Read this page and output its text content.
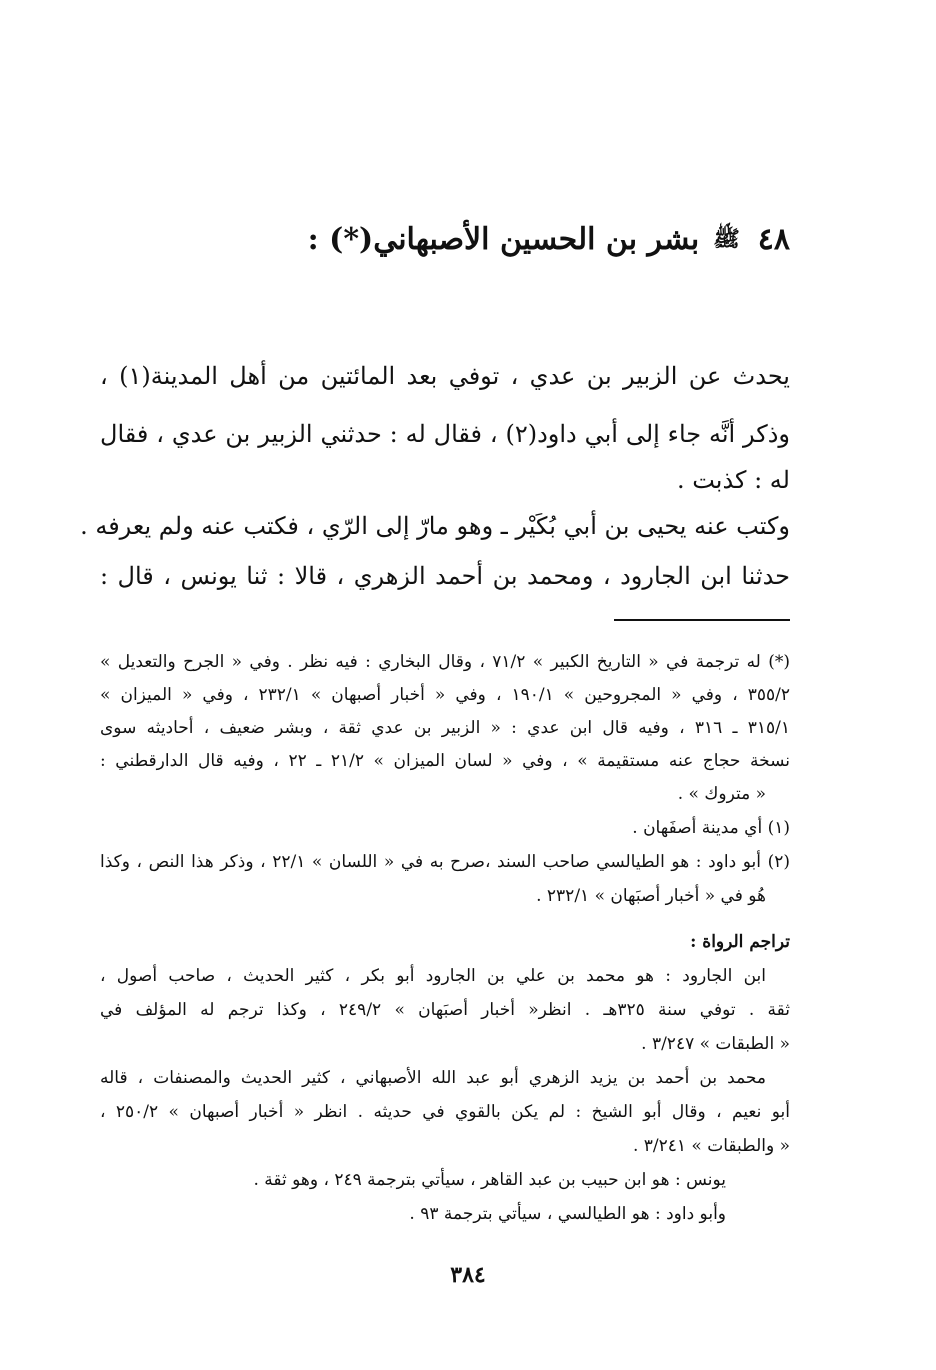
٤٨ﷺبشر بن الحسين الأصبهاني(*) :
يحدث عن الزبير بن عدي ، توفي بعد المائتين من أهل المدينة(١) ،
وذكر أنَّه جاء إلى أبي داود(٢) ، فقال له : حدثني الزبير بن عدي ، فقال
له : كذبت .
وكتب عنه يحيى بن أبي بُكَيْر ـ وهو مارّ إلى الرّي ، فكتب عنه ولم يعرفه .
حدثنا ابن الجارود ، ومحمد بن أحمد الزهري ، قالا : ثنا يونس ، قال :
(*) له ترجمة في « التاريخ الكبير » ٧١/٢ ، وقال البخاري : فيه نظر . وفي « الجرح والتعديل »
٣٥٥/٢ ، وفي « المجروحين » ١٩٠/١ ، وفي « أخبار أصبهان » ٢٣٢/١ ، وفي « الميزان »
٣١٥/١ ـ ٣١٦ ، وفيه قال ابن عدي : « الزبير بن عدي ثقة ، وبشر ضعيف ، أحاديثه سوى
نسخة حجاج عنه مستقيمة » ، وفي « لسان الميزان » ٢١/٢ ـ ٢٢ ، وفيه قال الدارقطني :
« متروك » .
(١) أي مدينة أصفَهان .
(٢) أبو داود : هو الطيالسي صاحب السند ،صرح به في « اللسان » ٢٢/١ ، وذكر هذا النص ، وكذا
هُو في « أخبار أصبَهان » ٢٣٢/١ .
تراجم الرواة :
ابن الجارود : هو محمد بن علي بن الجارود أبو بكر ، كثير الحديث ، صاحب أصول ،
ثقة . توفي سنة ٣٢٥هـ . انظر« أخبار أصبَهان » ٢٤٩/٢ ، وكذا ترجم له المؤلف في
« الطبقات » ٣/٢٤٧ .
محمد بن أحمد بن يزيد الزهري أبو عبد الله الأصبهاني ، كثير الحديث والمصنفات ، قاله
أبو نعيم ، وقال أبو الشيخ : لم يكن بالقوي في حديثه . انظر « أخبار أصبهان » ٢٥٠/٢ ،
« والطبقات » ٣/٢٤١ .
يونس : هو ابن حبيب بن عبد القاهر ، سيأتي بترجمة ٢٤٩ ، وهو ثقة .
وأبو داود : هو الطيالسي ، سيأتي بترجمة ٩٣ .
٣٨٤
